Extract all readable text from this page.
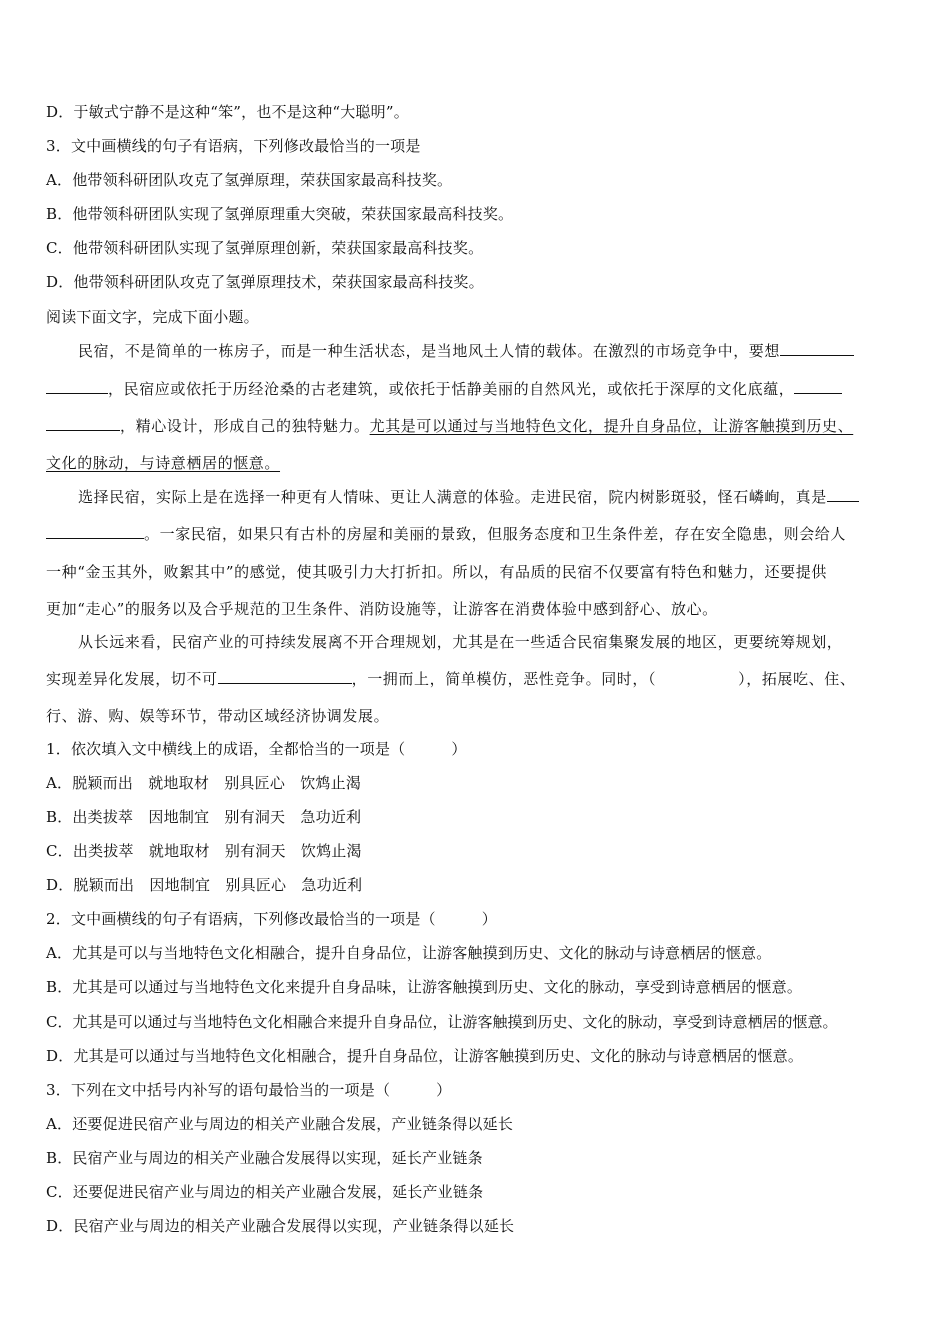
D．于敏式宁静不是这种“笨”，也不是这种“大聪明”。
3．文中画横线的句子有语病，下列修改最恰当的一项是
A．他带领科研团队攻克了氢弹原理，荣获国家最高科技奖。
B．他带领科研团队实现了氢弹原理重大突破，荣获国家最高科技奖。
C．他带领科研团队实现了氢弹原理创新，荣获国家最高科技奖。
D．他带领科研团队攻克了氢弹原理技术，荣获国家最高科技奖。
阅读下面文字，完成下面小题。
民宿，不是简单的一栋房子，而是一种生活状态，是当地风土人情的载体。在激烈的市场竞争中，要想
，民宿应或依托于历经沧桑的古老建筑，或依托于恬静美丽的自然风光，或依托于深厚的文化底蕴，
，精心设计，形成自己的独特魅力。尤其是可以通过与当地特色文化，提升自身品位，让游客触摸到历史、
文化的脉动，与诗意栖居的惬意。
选择民宿，实际上是在选择一种更有人情味、更让人满意的体验。走进民宿，院内树影斑驳，怪石嶙峋，真是
。一家民宿，如果只有古朴的房屋和美丽的景致，但服务态度和卫生条件差，存在安全隐患，则会给人
一种“金玉其外，败絮其中”的感觉，使其吸引力大打折扣。所以，有品质的民宿不仅要富有特色和魅力，还要提供
更加“走心”的服务以及合乎规范的卫生条件、消防设施等，让游客在消费体验中感到舒心、放心。
从长远来看，民宿产业的可持续发展离不开合理规划，尤其是在一些适合民宿集聚发展的地区，更要统筹规划，
实现差异化发展，切不可	，一拥而上，简单模仿，恶性竞争。同时，（	），拓展吃、住、
行、游、购、娱等环节，带动区域经济协调发展。
1．依次填入文中横线上的成语，全都恰当的一项是（	）
A．脱颖而出　就地取材　别具匠心　饮鸩止渴
B．出类拔萃　因地制宜　别有洞天　急功近利
C．出类拔萃　就地取材　别有洞天　饮鸩止渴
D．脱颖而出　因地制宜　别具匠心　急功近利
2．文中画横线的句子有语病，下列修改最恰当的一项是（	）
A．尤其是可以与当地特色文化相融合，提升自身品位，让游客触摸到历史、文化的脉动与诗意栖居的惬意。
B．尤其是可以通过与当地特色文化来提升自身品味，让游客触摸到历史、文化的脉动，享受到诗意栖居的惬意。
C．尤其是可以通过与当地特色文化相融合来提升自身品位，让游客触摸到历史、文化的脉动，享受到诗意栖居的惬意。
D．尤其是可以通过与当地特色文化相融合，提升自身品位，让游客触摸到历史、文化的脉动与诗意栖居的惬意。
3．下列在文中括号内补写的语句最恰当的一项是（	）
A．还要促进民宿产业与周边的相关产业融合发展，产业链条得以延长
B．民宿产业与周边的相关产业融合发展得以实现，延长产业链条
C．还要促进民宿产业与周边的相关产业融合发展，延长产业链条
D．民宿产业与周边的相关产业融合发展得以实现，产业链条得以延长
